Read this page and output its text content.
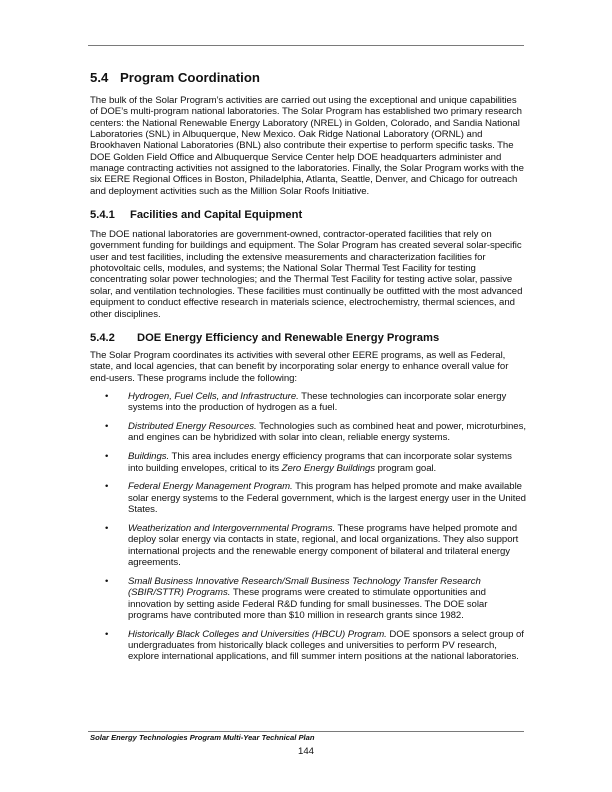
5.4 Program Coordination

The bulk of the Solar Program’s activities are carried out using the exceptional and unique capabilities of DOE’s multi-program national laboratories. The Solar Program has established two primary research centers: the National Renewable Energy Laboratory (NREL) in Golden, Colorado, and Sandia National Laboratories (SNL) in Albuquerque, New Mexico. Oak Ridge National Laboratory (ORNL) and Brookhaven National Laboratories (BNL) also contribute their expertise to perform specific tasks. The DOE Golden Field Office and Albuquerque Service Center help DOE headquarters administer and manage contracting activities not assigned to the laboratories. Finally, the Solar Program works with the six EERE Regional Offices in Boston, Philadelphia, Atlanta, Seattle, Denver, and Chicago for outreach and deployment activities such as the Million Solar Roofs Initiative.

5.4.1 Facilities and Capital Equipment

The DOE national laboratories are government-owned, contractor-operated facilities that rely on government funding for buildings and equipment. The Solar Program has created several solar-specific user and test facilities, including the extensive measurements and characterization facilities for photovoltaic cells, modules, and systems; the National Solar Thermal Test Facility for testing concentrating solar power technologies; and the Thermal Test Facility for testing active solar, passive solar, and ventilation technologies. These facilities must continually be outfitted with the most advanced equipment to conduct effective research in materials science, electrochemistry, thermal sciences, and other disciplines.

5.4.2 DOE Energy Efficiency and Renewable Energy Programs

The Solar Program coordinates its activities with several other EERE programs, as well as Federal, state, and local agencies, that can benefit by incorporating solar energy to enhance overall value for end-users. These programs include the following:

• Hydrogen, Fuel Cells, and Infrastructure. These technologies can incorporate solar energy systems into the production of hydrogen as a fuel.
• Distributed Energy Resources. Technologies such as combined heat and power, microturbines, and engines can be hybridized with solar into clean, reliable energy systems.
• Buildings. This area includes energy efficiency programs that can incorporate solar systems into building envelopes, critical to its Zero Energy Buildings program goal.
• Federal Energy Management Program. This program has helped promote and make available solar energy systems to the Federal government, which is the largest energy user in the United States.
• Weatherization and Intergovernmental Programs. These programs have helped promote and deploy solar energy via contacts in state, regional, and local organizations. They also support international projects and the renewable energy component of bilateral and trilateral energy agreements.
• Small Business Innovative Research/Small Business Technology Transfer Research (SBIR/STTR) Programs. These programs were created to stimulate opportunities and innovation by setting aside Federal R&D funding for small businesses. The DOE solar programs have contributed more than $10 million in research grants since 1982.
• Historically Black Colleges and Universities (HBCU) Program. DOE sponsors a select group of undergraduates from historically black colleges and universities to perform PV research, explore international applications, and fill summer intern positions at the national laboratories.
Solar Energy Technologies Program Multi-Year Technical Plan
144
